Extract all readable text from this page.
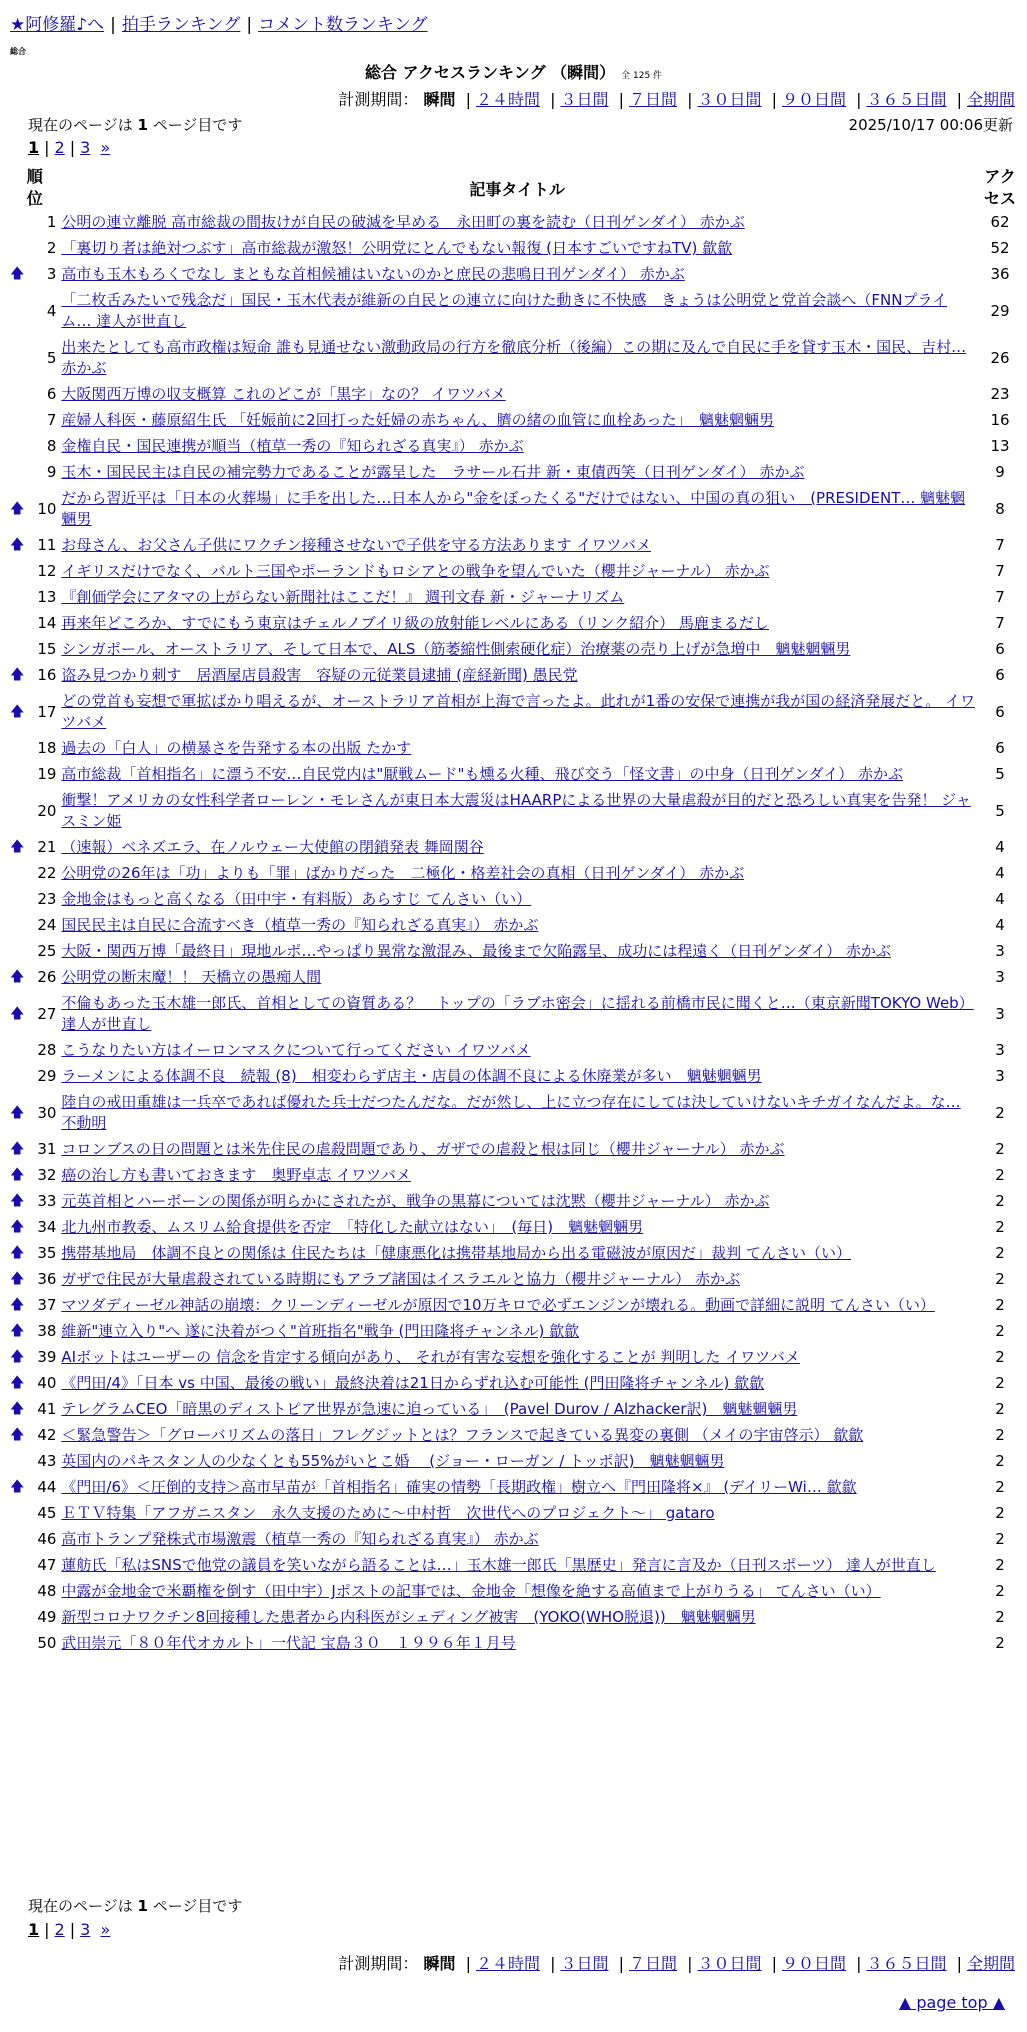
★阿修羅♪へ | 拍手ランキング | コメント数ランキング
総合
総合 アクセスランキング （瞬間） 全 125 件
計測期間： 瞬間 | ２４時間 | ３日間 | ７日間 | ３０日間 | ９０日間 | ３６５日間 | 全期間
現在のページは 1 ページ目です	2025/10/17 00:06更新
1 | 2 | 3 »
順
位		記事タイトル	アク
セス
	1	公明の連立離脱 高市総裁の間抜けが自民の破滅を早める　永田町の裏を読む（日刊ゲンダイ） 赤かぶ	62
	2	「裏切り者は絶対つぶす」高市総裁が激怒！公明党にとんでもない報復 (日本すごいですねTV) 歙歙	52
🡅	3	高市も玉木もろくでなし まともな首相候補はいないのかと庶民の悲鳴日刊ゲンダイ） 赤かぶ	36
	4	「二枚舌みたいで残念だ」国民・玉木代表が維新の自民との連立に向けた動きに不快感　きょうは公明党と党首会談へ（FNNプライム… 達人が世直し	29
	5	出来たとしても高市政権は短命 誰も見通せない激動政局の行方を徹底分析（後編）この期に及んで自民に手を貸す玉木・国民、吉村… 赤かぶ	26
	6	大阪関西万博の収支概算 これのどこが「黒字」なの？ イワツバメ	23
	7	産婦人科医・藤原紹生氏 「妊娠前に2回打った妊婦の赤ちゃん、臍の緒の血管に血栓あった」　魑魅魍魎男	16
	8	金権自民・国民連携が順当（植草一秀の『知られざる真実』） 赤かぶ	13
	9	玉木・国民民主は自民の補完勢力であることが露呈した　ラサール石井 新・東債西笑（日刊ゲンダイ） 赤かぶ	9
🡅	10	だから習近平は「日本の火葬場」に手を出した…日本人から"金をぼったくる"だけではない、中国の真の狙い　(PRESIDENT… 魑魅魍魎男	8
🡅	11	お母さん、お父さん子供にワクチン接種させないで子供を守る方法あります イワツバメ	7
	12	イギリスだけでなく、バルト三国やポーランドもロシアとの戦争を望んでいた（櫻井ジャーナル） 赤かぶ	7
	13	『創価学会にアタマの上がらない新聞社はここだ！』 週刊文春 新・ジャーナリズム	7
	14	再来年どころか、すでにもう東京はチェルノブイリ級の放射能レベルにある（リンク紹介） 馬鹿まるだし	7
	15	シンガポール、オーストラリア、そして日本で、ALS（筋萎縮性側索硬化症）治療薬の売り上げが急増中　魑魅魍魎男	6
🡅	16	盗み見つかり刺す　居酒屋店員殺害　容疑の元従業員逮捕 (産経新聞) 愚民党	6
🡅	17	どの党首も妄想で軍拡ばかり唱えるが、オーストラリア首相が上海で言ったよ。此れが1番の安保で連携が我が国の経済発展だと。 イワツバメ	6
	18	過去の「白人」の横暴さを告発する本の出版 たかす	6
	19	高市総裁「首相指名」に漂う不安…自民党内は"厭戦ムード"も燻る火種、飛び交う「怪文書」の中身（日刊ゲンダイ） 赤かぶ	5
	20	衝撃！アメリカの女性科学者ローレン・モレさんが東日本大震災はHAARPによる世界の大量虐殺が目的だと恐ろしい真実を告発！ ジャスミン姫	5
🡅	21	（速報）ベネズエラ、在ノルウェー大使館の閉鎖発表 舞岡関谷	4
	22	公明党の26年は「功」よりも「罪」ばかりだった　二極化・格差社会の真相（日刊ゲンダイ） 赤かぶ	4
	23	金地金はもっと高くなる（田中宇・有料版）あらすじ てんさい（い）	4
	24	国民民主は自民に合流すべき（植草一秀の『知られざる真実』） 赤かぶ	4
	25	大阪・関西万博「最終日」現地ルポ…やっぱり異常な激混み、最後まで欠陥露呈、成功には程遠く（日刊ゲンダイ） 赤かぶ	3
🡅	26	公明党の断末魔！！ 天橋立の愚痴人間	3
🡅	27	不倫もあった玉木雄一郎氏、首相としての資質ある？　トップの「ラブホ密会」に揺れる前橋市民に聞くと…（東京新聞TOKYO Web） 達人が世直し	3
	28	こうなりたい方はイーロンマスクについて行ってください イワツバメ	3
	29	ラーメンによる体調不良　続報 (8)　相変わらず店主・店員の体調不良による休廃業が多い　魑魅魍魎男	3
🡅	30	陸自の戒田重雄は一兵卒であれば優れた兵士だつたんだな。だが然し、上に立つ存在にしては決していけないキチガイなんだよ。な… 不動明	2
🡅	31	コロンブスの日の問題とは米先住民の虐殺問題であり、ガザでの虐殺と根は同じ（櫻井ジャーナル） 赤かぶ	2
🡅	32	癌の治し方も書いておきます　奥野卓志 イワツバメ	2
🡅	33	元英首相とハーボーンの関係が明らかにされたが、戦争の黒幕については沈黙（櫻井ジャーナル） 赤かぶ	2
🡅	34	北九州市教委、ムスリム給食提供を否定　「特化した献立はない」　(毎日)　魑魅魍魎男	2
🡅	35	携帯基地局　体調不良との関係は 住民たちは「健康悪化は携帯基地局から出る電磁波が原因だ」裁判 てんさい（い）	2
🡅	36	ガザで住民が大量虐殺されている時期にもアラブ諸国はイスラエルと協力（櫻井ジャーナル） 赤かぶ	2
🡅	37	マツダディーゼル神話の崩壊：クリーンディーゼルが原因で10万キロで必ずエンジンが壊れる。動画で詳細に説明 てんさい（い）	2
🡅	38	維新"連立入り"へ 遂に決着がつく"首班指名"戦争 (門田隆将チャンネル) 歙歙	2
🡅	39	AIボットはユーザーの 信念を肯定する傾向があり、 それが有害な妄想を強化することが 判明した イワツバメ	2
🡅	40	《門田/4》「日本 vs 中国、最後の戦い」最終決着は21日からずれ込む可能性 (門田隆将チャンネル) 歙歙	2
🡅	41	テレグラムCEO「暗黒のディストピア世界が急速に迫っている」　(Pavel Durov / Alzhacker訳)　魑魅魍魎男	2
🡅	42	＜緊急警告＞「グローバリズムの落日」フレグジットとは？フランスで起きている異変の裏側 （メイの宇宙啓示） 歙歙	2
	43	英国内のパキスタン人の少なくとも55%がいとこ婚　 (ジョー・ローガン / トッポ訳)　魑魅魍魎男	2
🡅	44	《門田/6》＜圧倒的支持＞高市早苗が「首相指名」確実の情勢「長期政権」樹立へ『門田隆将×』 (デイリーWi… 歙歙	2
	45	ＥＴＶ特集「アフガニスタン　永久支援のために〜中村哲　次世代へのプロジェクト〜」 gataro	2
	46	高市トランプ発株式市場激震（植草一秀の『知られざる真実』） 赤かぶ	2
	47	蓮舫氏「私はSNSで他党の議員を笑いながら語ることは…」玉木雄一郎氏「黒歴史」発言に言及か（日刊スポーツ） 達人が世直し	2
	48	中露が金地金で米覇権を倒す（田中宇）Jポストの記事では、金地金「想像を絶する高値まで上がりうる」 てんさい（い）	2
	49	新型コロナワクチン8回接種した患者から内科医がシェディング被害　(YOKO(WHO脱退))　魑魅魍魎男	2
	50	武田崇元「８０年代オカルト」一代記 宝島３０　１９９６年１月号	2
現在のページは 1 ページ目です
1 | 2 | 3 »
計測期間： 瞬間 | ２４時間 | ３日間 | ７日間 | ３０日間 | ９０日間 | ３６５日間 | 全期間
▲ page top ▲
